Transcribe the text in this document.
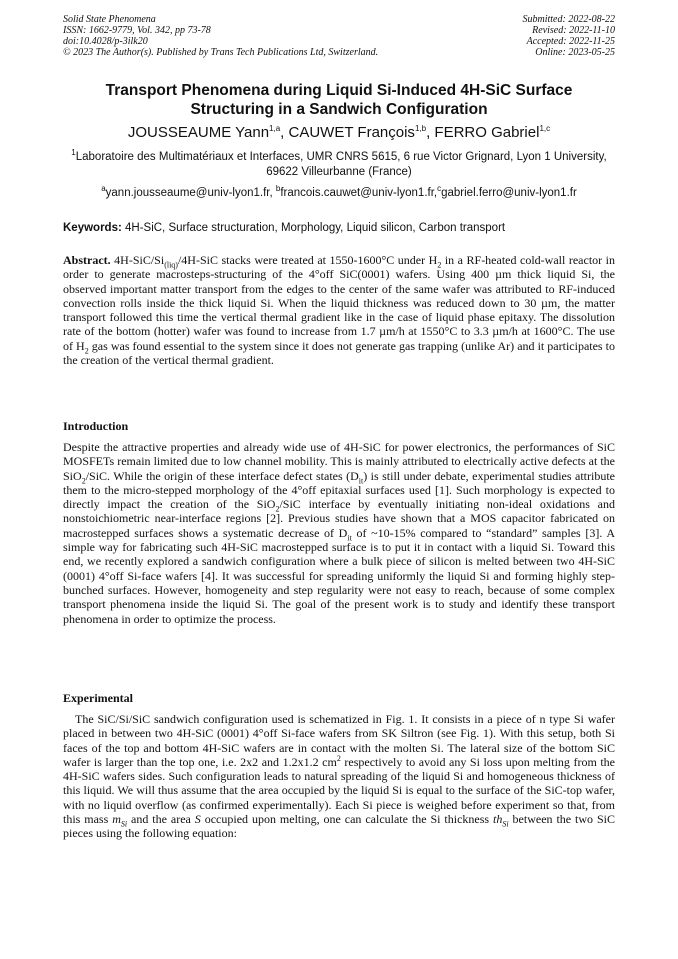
Solid State Phenomena
ISSN: 1662-9779, Vol. 342, pp 73-78
doi:10.4028/p-3ilk20
© 2023 The Author(s). Published by Trans Tech Publications Ltd, Switzerland.
Submitted: 2022-08-22
Revised: 2022-11-10
Accepted: 2022-11-25
Online: 2023-05-25
Transport Phenomena during Liquid Si-Induced 4H-SiC Surface
Structuring in a Sandwich Configuration
JOUSSEAUME Yann$^{1,a}$, CAUWET François$^{1,b}$, FERRO Gabriel$^{1,c}$
$^1$Laboratoire des Multimatériaux et Interfaces, UMR CNRS 5615, 6 rue Victor Grignard, Lyon 1 University, 69622 Villeurbanne (France)
$^a$yann.jousseaume@univ-lyon1.fr, $^b$francois.cauwet@univ-lyon1.fr,$^c$gabriel.ferro@univ-lyon1.fr
Keywords: 4H-SiC, Surface structuration, Morphology, Liquid silicon, Carbon transport
Abstract. $4H-SiC/Si_{(liq)}/4H$-SiC stacks were treated at 1550-1600°C under $H_2$ in a RF-heated cold-wall reactor in order to generate macrosteps-structuring of the 4°off SiC(0001) wafers. Using 400 µm thick liquid Si, the observed important matter transport from the edges to the center of the same wafer was attributed to RF-induced convection rolls inside the thick liquid Si. When the liquid thickness was reduced down to 30 µm, the matter transport followed this time the vertical thermal gradient like in the case of liquid phase epitaxy. The dissolution rate of the bottom (hotter) wafer was found to increase from 1.7 µm/h at 1550°C to 3.3 µm/h at 1600°C. The use of $H_2$ gas was found essential to the system since it does not generate gas trapping (unlike Ar) and it participates to the creation of the vertical thermal gradient.
Introduction
Despite the attractive properties and already wide use of 4H-SiC for power electronics, the performances of SiC MOSFETs remain limited due to low channel mobility. This is mainly attributed to electrically active defects at the SiO$_2$/SiC. While the origin of these interface defect states $(D_{it})$ is still under debate, experimental studies attribute them to the micro-stepped morphology of the 4°off epitaxial surfaces used [1]. Such morphology is expected to directly impact the creation of the SiO$_2$/SiC interface by eventually initiating non-ideal oxidations and nonstoichiometric near-interface regions [2]. Previous studies have shown that a MOS capacitor fabricated on macrostepped surfaces shows a systematic decrease of $D_{it}$ of ~10-15% compared to “standard” samples [3]. A simple way for fabricating such 4H-SiC macrostepped surface is to put it in contact with a liquid Si. Toward this end, we recently explored a sandwich configuration where a bulk piece of silicon is melted between two 4H-SiC (0001) 4°off Si-face wafers [4]. It was successful for spreading uniformly the liquid Si and forming highly step-bunched surfaces. However, homogeneity and step regularity were not easy to reach, because of some complex transport phenomena inside the liquid Si. The goal of the present work is to study and identify these transport phenomena in order to optimize the process.
Experimental
The SiC/Si/SiC sandwich configuration used is schematized in Fig. 1. It consists in a piece of n type Si wafer placed in between two 4H-SiC (0001) 4°off Si-face wafers from SK Siltron (see Fig. 1). With this setup, both Si faces of the top and bottom 4H-SiC wafers are in contact with the molten Si. The lateral size of the bottom SiC wafer is larger than the top one, i.e. 2x2 and 1.2x1.2 $cm^2$ respectively to avoid any Si loss upon melting from the 4H-SiC wafers sides. Such configuration leads to natural spreading of the liquid Si and homogeneous thickness of this liquid. We will thus assume that the area occupied by the liquid Si is equal to the surface of the SiC-top wafer, with no liquid overflow (as confirmed experimentally). Each Si piece is weighed before experiment so that, from this mass $m_{Si}$ and the area S occupied upon melting, one can calculate the Si thickness $th_{Si}$ between the two SiC pieces using the following equation:
